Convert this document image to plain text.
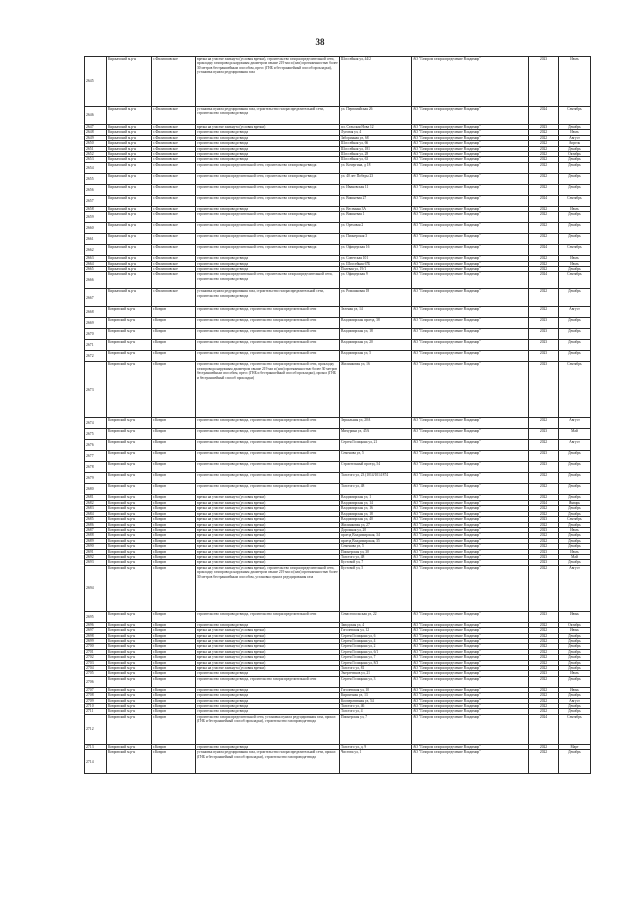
38
2645	Киржачский м.р-н	с.Филипповское	врезка на участке замкнута (условия врезки), строительство газораспределительной сети, прокладку газопровода наружным диаметром свыше 219 мм и (или) протяженностью более 30 метров бестраншейным способом, пресс (ГНБ и бестраншейный способ прокладки), установка пункта редуцирования газа	Шоссейная ул, 44/2	АО "Газпром газораспределение Владимир"	2023	Июль
2646	Киржачский м.р-н	с.Филипповское	установка пункта редуцирования газа, строительство газораспределительной сети, строительство газопровода-ввода	ул. Первомайская 26	АО "Газпром газораспределение Владимир"	2024	Сентябрь
2647	Киржачский м.р-н	с.Филипповское	врезка на участке замкнута (условия врезки)	пл. Сельская Нова 12	АО "Газпром газораспределение Владимир"	2023	Декабрь
2648	Киржачский м.р-н	с.Филипповское	строительство газопровода-ввода	Луговая ул, 4	АО "Газпром газораспределение Владимир"	2022	Июль
2649	Киржачский м.р-н	с.Филипповское	строительство газопровода-ввода	Заборинная ул, 68	АО "Газпром газораспределение Владимир"	2022	Август
2650	Киржачский м.р-н	с.Филипповское	строительство газопровода-ввода	Шоссейная ул, 66	АО "Газпром газораспределение Владимир"	2022	Апрель
2651	Киржачский м.р-н	с.Филипповское	строительство газопровода-ввода	Шоссейная ул, 181	АО "Газпром газораспределение Владимир"	2022	Декабрь
2652	Киржачский м.р-н	с.Филипповское	строительство газопровода-ввода	Шоссейная ул, 28	АО "Газпром газораспределение Владимир"	2022	Октябрь
2653	Киржачский м.р-н	с.Филипповское	строительство газопровода-ввода	Шоссейная ул, 63	АО "Газпром газораспределение Владимир"	2022	Декабрь
2654	Киржачский м.р-н	с.Филипповское	строительство газораспределительной сети, строительство газопровода-ввода	ул. Кочергина, д 18	АО "Газпром газораспределение Владимир"	2022	Декабрь
2655	Киржачский м.р-н	с.Филипповское	строительство газораспределительной сети, строительство газопровода-ввода	ул. 40 лет Победы 23	АО "Газпром газораспределение Владимир"	2022	Декабрь
2656	Киржачский м.р-н	с.Филипповское	строительство газораспределительной сети, строительство газопровода-ввода	ул. Ивановская 11	АО "Газпром газораспределение Владимир"	2022	Декабрь
2657	Киржачский м.р-н	с.Филипповское	строительство газораспределительной сети, строительство газопровода-ввода	ул. Вишневая 27	АО "Газпром газораспределение Владимир"	2024	Сентябрь
2658	Киржачский м.р-н	с.Филипповское	строительство газопровода-ввода	ул. Весенняя 3А	АО "Газпром газораспределение Владимир"	2022	Июль
2659	Киржачский м.р-н	с.Филипповское	строительство газораспределительной сети, строительство газопровода-ввода	ул. Вишневая 1	АО "Газпром газораспределение Владимир"	2022	Декабрь
2660	Киржачский м.р-н	с.Филипповское	строительство газораспределительной сети, строительство газопровода-ввода	ул. Ореховая 2	АО "Газпром газораспределение Владимир"	2022	Декабрь
2661	Киржачский м.р-н	с.Филипповское	строительство газораспределительной сети, строительство газопровода-ввода	ул. Пионерская 3	АО "Газпром газораспределение Владимир"	2022	Декабрь
2662	Киржачский м.р-н	с.Филипповское	строительство газораспределительной сети, строительство газопровода-ввода	ул. Офицерская 16	АО "Газпром газораспределение Владимир"	2024	Сентябрь
2663	Киржачский м.р-н	с.Филипповское	строительство газопровода-ввода	ул. Советская 101	АО "Газпром газораспределение Владимир"	2022	Июль
2664	Киржачский м.р-н	с.Филипповское	строительство газопровода-ввода	ул. Шоссейная 67Б	АО "Газпром газораспределение Владимир"	2022	Июль
2665	Киржачский м.р-н	с.Филипповское	строительство газопровода-ввода	Полевая ул, 19/1	АО "Газпром газораспределение Владимир"	2022	Декабрь
2666	Киржачский м.р-н	с.Филипповское	строительство газораспределительной сети, строительство газораспределительной сети, строительство газопровода-ввода	ул. Офицерская 9	АО "Газпром газораспределение Владимир"	2024	Сентябрь
2667	Киржачский м.р-н	с.Филипповское	установка пункта редуцирования газа, строительство газораспределительной сети, строительство газопровода-ввода	ул. Ромашковая 18	АО "Газпром газораспределение Владимир"	2022	Декабрь
2668	Ковровский м.р-н	г.Ковров	строительство газопровода-ввода, строительство газораспределительной сети	Зеленая ул, 14	АО "Газпром газораспределение Владимир"	2022	Август
2669	Ковровский м.р-н	г.Ковров	строительство газопровода-ввода, строительство газораспределительной сети	Владимирская проезд, 38	АО "Газпром газораспределение Владимир"	2023	Декабрь
2670	Ковровский м.р-н	г.Ковров	строительство газопровода-ввода, строительство газораспределительной сети	Владимирская ул, 18	АО "Газпром газораспределение Владимир"	2023	Декабрь
2671	Ковровский м.р-н	г.Ковров	строительство газопровода-ввода, строительство газораспределительной сети	Владимирская ул, 20	АО "Газпром газораспределение Владимир"	2023	Декабрь
2672	Ковровский м.р-н	г.Ковров	строительство газопровода-ввода, строительство газораспределительной сети	Владимирская ул, 5	АО "Газпром газораспределение Владимир"	2023	Декабрь
2673	Ковровский м.р-н	г.Ковров	строительство газопровода-ввода, строительство газораспределительной сети, прокладку газопровода наружным диаметром свыше 219 мм и (или) протяженностью более 30 метров бестраншейным способом, пресс (ГНБ и бестраншейный способ прокладки), прокол (ГНБ и бестраншейный способ прокладки)	Жилинковая ул, 16	АО "Газпром газораспределение Владимир"	2023	Сентябрь
2674	Ковровский м.р-н	г.Ковров	строительство газопровода-ввода, строительство газораспределительной сети	Зеркальная ул, 20А	АО "Газпром газораспределение Владимир"	2022	Август
2675	Ковровский м.р-н	г.Ковров	строительство газопровода-ввода, строительство газораспределительной сети	Мичурина ул, 45А	АО "Газпром газораспределение Владимир"	2023	Май
2676	Ковровский м.р-н	г.Ковров	строительство газопровода-ввода, строительство газораспределительной сети	Сергея Голицына ул, 21	АО "Газпром газораспределение Владимир"	2022	Август
2677	Ковровский м.р-н	г.Ковров	строительство газопровода-ввода, строительство газораспределительной сети	Семенова ул, 5	АО "Газпром газораспределение Владимир"	2023	Декабрь
2678	Ковровский м.р-н	г.Ковров	строительство газопровода-ввода, строительство газораспределительной сети	Строительный проезд, 54	АО "Газпром газораспределение Владимир"	2023	Декабрь
2679	Ковровский м.р-н	г.Ковров	строительство газопровода-ввода, строительство газораспределительной сети	Толстого ул, 23 (1014/1014 874	АО "Газпром газораспределение Владимир"	2022	Декабрь
2680	Ковровский м.р-н	г.Ковров	строительство газопровода-ввода, строительство газораспределительной сети	Толстого ул, 48	АО "Газпром газораспределение Владимир"	2022	Декабрь
2681	Ковровский м.р-н	г.Ковров	врезка на участке замкнута (условия врезки)	Владимирская ул, 1	АО "Газпром газораспределение Владимир"	2022	Декабрь
2682	Ковровский м.р-н	г.Ковров	врезка на участке замкнута (условия врезки)	Владимирская ул, 14	АО "Газпром газораспределение Владимир"	2024	Январь
2683	Ковровский м.р-н	г.Ковров	врезка на участке замкнута (условия врезки)	Владимирская ул, 16	АО "Газпром газораспределение Владимир"	2022	Декабрь
2684	Ковровский м.р-н	г.Ковров	врезка на участке замкнута (условия врезки)	Владимирская ул, 18	АО "Газпром газораспределение Владимир"	2022	Декабрь
2685	Ковровский м.р-н	г.Ковров	врезка на участке замкнута (условия врезки)	Владимирская ул, 40	АО "Газпром газораспределение Владимир"	2023	Сентябрь
2686	Ковровский м.р-н	г.Ковров	врезка на участке замкнута (условия врезки)	Жилинковая ул, 27	АО "Газпром газораспределение Владимир"	2022	Декабрь
2687	Ковровский м.р-н	г.Ковров	врезка на участке замкнута (условия врезки)	Дорожная ул, 20	АО "Газпром газораспределение Владимир"	2023	Июль
2688	Ковровский м.р-н	г.Ковров	врезка на участке замкнута (условия врезки)	проезд Владимирская, 34	АО "Газпром газораспределение Владимир"	2022	Декабрь
2689	Ковровский м.р-н	г.Ковров	врезка на участке замкнута (условия врезки)	проезд Владимирская, 35	АО "Газпром газораспределение Владимир"	2022	Декабрь
2690	Ковровский м.р-н	г.Ковров	врезка на участке замкнута (условия врезки)	Семенова ул, 5	АО "Газпром газораспределение Владимир"	2022	Декабрь
2691	Ковровский м.р-н	г.Ковров	врезка на участке замкнута (условия врезки)	Пионерская ул, 30	АО "Газпром газораспределение Владимир"	2023	Июль
2692	Ковровский м.р-н	г.Ковров	врезка на участке замкнута (условия врезки)	Толстого ул, 48	АО "Газпром газораспределение Владимир"	2023	Май
2693	Ковровский м.р-н	г.Ковров	врезка на участке замкнута (условия врезки)	Кустовой ул, 7	АО "Газпром газораспределение Владимир"	2023	Декабрь
2694	Ковровский м.р-н	г.Ковров	врезка на участке замкнута (условия врезки), строительство газораспределительной сети, прокладку газопровода наружным диаметром свыше 219 мм и (или) протяженностью более 30 метров бестраншейным способом, установка пункта редуцирования газа	Кустовой ул, 5	АО "Газпром газораспределение Владимир"	2022	Август
2695	Ковровский м.р-н	г.Ковров	строительство газопровода-ввода, строительство газораспределительной сети	Севастопольская ул, 22	АО "Газпром газораспределение Владимир"	2023	Июнь
2696	Ковровский м.р-н	г.Ковров	строительство газопровода-ввода	Заводская ул, 4	АО "Газпром газораспределение Владимир"	2022	Октябрь
2697	Ковровский м.р-н	г.Ковров	врезка на участке замкнута (условия врезки)	Гоголевская ул, 12	АО "Газпром газораспределение Владимир"	2022	Июнь
2698	Ковровский м.р-н	г.Ковров	врезка на участке замкнута (условия врезки)	Сергея Голицына ул, 6	АО "Газпром газораспределение Владимир"	2022	Декабрь
2699	Ковровский м.р-н	г.Ковров	врезка на участке замкнута (условия врезки)	Сергея Голицына ул, 4	АО "Газпром газораспределение Владимир"	2022	Декабрь
2700	Ковровский м.р-н	г.Ковров	врезка на участке замкнута (условия врезки)	Сергея Голицына ул, 2	АО "Газпром газораспределение Владимир"	2022	Декабрь
2701	Ковровский м.р-н	г.Ковров	врезка на участке замкнута (условия врезки)	Сергея Голицына ул, 6/1	АО "Газпром газораспределение Владимир"	2022	Декабрь
2702	Ковровский м.р-н	г.Ковров	врезка на участке замкнута (условия врезки)	Сергея Голицына ул, 7	АО "Газпром газораспределение Владимир"	2022	Декабрь
2703	Ковровский м.р-н	г.Ковров	врезка на участке замкнута (условия врезки)	Сергея Голицына ул, 8/3	АО "Газпром газораспределение Владимир"	2022	Декабрь
2704	Ковровский м.р-н	г.Ковров	врезка на участке замкнута (условия врезки)	Толстого ул, 81	АО "Газпром газораспределение Владимир"	2022	Декабрь
2705	Ковровский м.р-н	г.Ковров	строительство газопровода-ввода	Энергетиков ул, 21	АО "Газпром газораспределение Владимир"	2023	Июль
2706	Ковровский м.р-н	г.Ковров	строительство газопровода-ввода, строительство газораспределительной сети	Сергея Голицына ул, 3	АО "Газпром газораспределение Владимир"	2022	Декабрь
2707	Ковровский м.р-н	г.Ковров	строительство газопровода-ввода	Гоголевская ул, 10	АО "Газпром газораспределение Владимир"	2022	Июнь
2708	Ковровский м.р-н	г.Ковров	строительство газопровода-ввода	Кирпичная ул, 13	АО "Газпром газораспределение Владимир"	2022	Декабрь
2709	Ковровский м.р-н	г.Ковров	строительство газопровода-ввода	Кооперативная ул, 54	АО "Газпром газораспределение Владимир"	2022	Август
2710	Ковровский м.р-н	г.Ковров	строительство газопровода-ввода	Толстого ул, 46	АО "Газпром газораспределение Владимир"	2022	Декабрь
2711	Ковровский м.р-н	г.Ковров	строительство газопровода-ввода	Толстого ул, 4	АО "Газпром газораспределение Владимир"	2022	Декабрь
2712	Ковровский м.р-н	г.Ковров	строительство газораспределительной сети, установка пункта редуцирования газа, прокол (ГНБ и бестраншейный способ прокладки), строительство газопровода-ввода	Пионерская ул, 7	АО "Газпром газораспределение Владимир"	2024	Сентябрь
2713	Ковровский м.р-н	г.Ковров	строительство газопровода-ввода	Толстого ул, д. 9	АО "Газпром газораспределение Владимир"	2022	Март
2714	Ковровский м.р-н	г.Ковров	установка пункта редуцирования газа, строительство газораспределительной сети, прокол (ГНБ и бестраншейный способ прокладки), строительство газопровода-ввода	Чистова ул, 1	АО "Газпром газораспределение Владимир"	2022	Декабрь
